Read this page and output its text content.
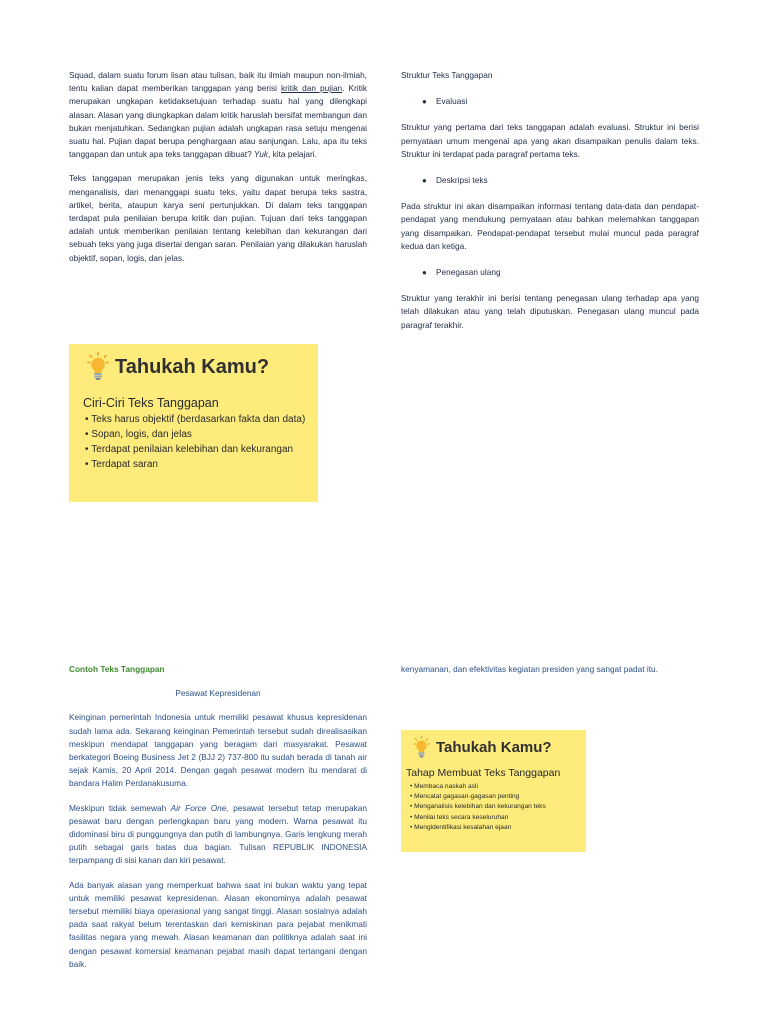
Squad, dalam suatu forum lisan atau tulisan, baik itu ilmiah maupun non-ilmiah, tentu kalian dapat memberikan tanggapan yang berisi kritik dan pujian. Kritik merupakan ungkapan ketidaksetujuan terhadap suatu hal yang dilengkapi alasan. Alasan yang diungkapkan dalam kritik haruslah bersifat membangun dan bukan menjatuhkan. Sedangkan pujian adalah ungkapan rasa setuju mengenai suatu hal. Pujian dapat berupa penghargaan atau sanjungan. Lalu, apa itu teks tanggapan dan untuk apa teks tanggapan dibuat? Yuk, kita pelajari.

Teks tanggapan merupakan jenis teks yang digunakan untuk meringkas, menganalisis, dan menanggapi suatu teks, yaitu dapat berupa teks sastra, artikel, berita, ataupun karya seni pertunjukkan. Di dalam teks tanggapan terdapat pula penilaian berupa kritik dan pujian. Tujuan dari teks tanggapan adalah untuk memberikan penilaian tentang kelebihan dan kekurangan dari sebuah teks yang juga disertai dengan saran. Penilaian yang dilakukan haruslah objektif, sopan, logis, dan jelas.

Tahukah Kamu?
Ciri-Ciri Teks Tanggapan
• Teks harus objektif (berdasarkan fakta dan data)
• Sopan, logis, dan jelas
• Terdapat penilaian kelebihan dan kekurangan
• Terdapat saran
Struktur Teks Tanggapan
●	Evaluasi

Struktur yang pertama dari teks tanggapan adalah evaluasi. Struktur ini berisi pernyataan umum mengenai apa yang akan disampaikan penulis dalam teks. Struktur ini terdapat pada paragraf pertama teks.

●	Deskripsi teks

Pada struktur ini akan disampaikan informasi tentang data-data dan pendapat-pendapat yang mendukung pernyataan atau bahkan melemahkan tanggapan yang disampaikan. Pendapat-pendapat tersebut mulai muncul pada paragraf kedua dan ketiga.

●	Penegasan ulang

Struktur yang terakhir ini berisi tentang penegasan ulang terhadap apa yang telah dilakukan atau yang telah diputuskan. Penegasan ulang muncul pada paragraf terakhir.

Contoh Teks Tanggapan

Pesawat Kepresidenan

Keinginan pemerintah Indonesia untuk memiliki pesawat khusus kepresidenan sudah lama ada. Sekarang keinginan Pemerintah tersebut sudah direalisasikan meskipun mendapat tanggapan yang beragam dari masyarakat. Pesawat berkategori Boeing Business Jet 2 (BJJ 2) 737-800 itu sudah berada di tanah air sejak Kamis, 20 April 2014. Dengan gagah pesawat modern itu mendarat di bandara Halim Perdanakusuma.

Meskipun tidak semewah Air Force One, pesawat tersebut tetap merupakan pesawat baru dengan perlengkapan baru yang modern. Warna pesawat itu didominasi biru di punggungnya dan putih di lambungnya. Garis lengkung merah putih sebagai garis batas dua bagian. Tulisan REPUBLIK INDONESIA terpampang di sisi kanan dan kiri pesawat.

Ada banyak alasan yang memperkuat bahwa saat ini bukan waktu yang tepat untuk memiliki pesawat kepresidenan. Alasan ekonominya adalah pesawat tersebut memiliki biaya operasional yang sangat tinggi. Alasan sosialnya adalah pada saat rakyat belum terentaskan dari kemiskinan para pejabat menikmati fasilitas negara yang mewah. Alasan keamanan dan politiknya adalah saat ini dengan pesawat komersial keamanan pejabat masih dapat tertangani dengan baik.

kenyamanan, dan efektivitas kegiatan presiden yang sangat padat itu.

Tahukah Kamu?
Tahap Membuat Teks Tanggapan
• Membaca naskah asli
• Mencatat gagasan-gagasan penting
• Menganalisis kelebihan dan kekurangan teks
• Menilai teks secara keseluruhan
• Mengidentifikasi kesalahan ejaan
